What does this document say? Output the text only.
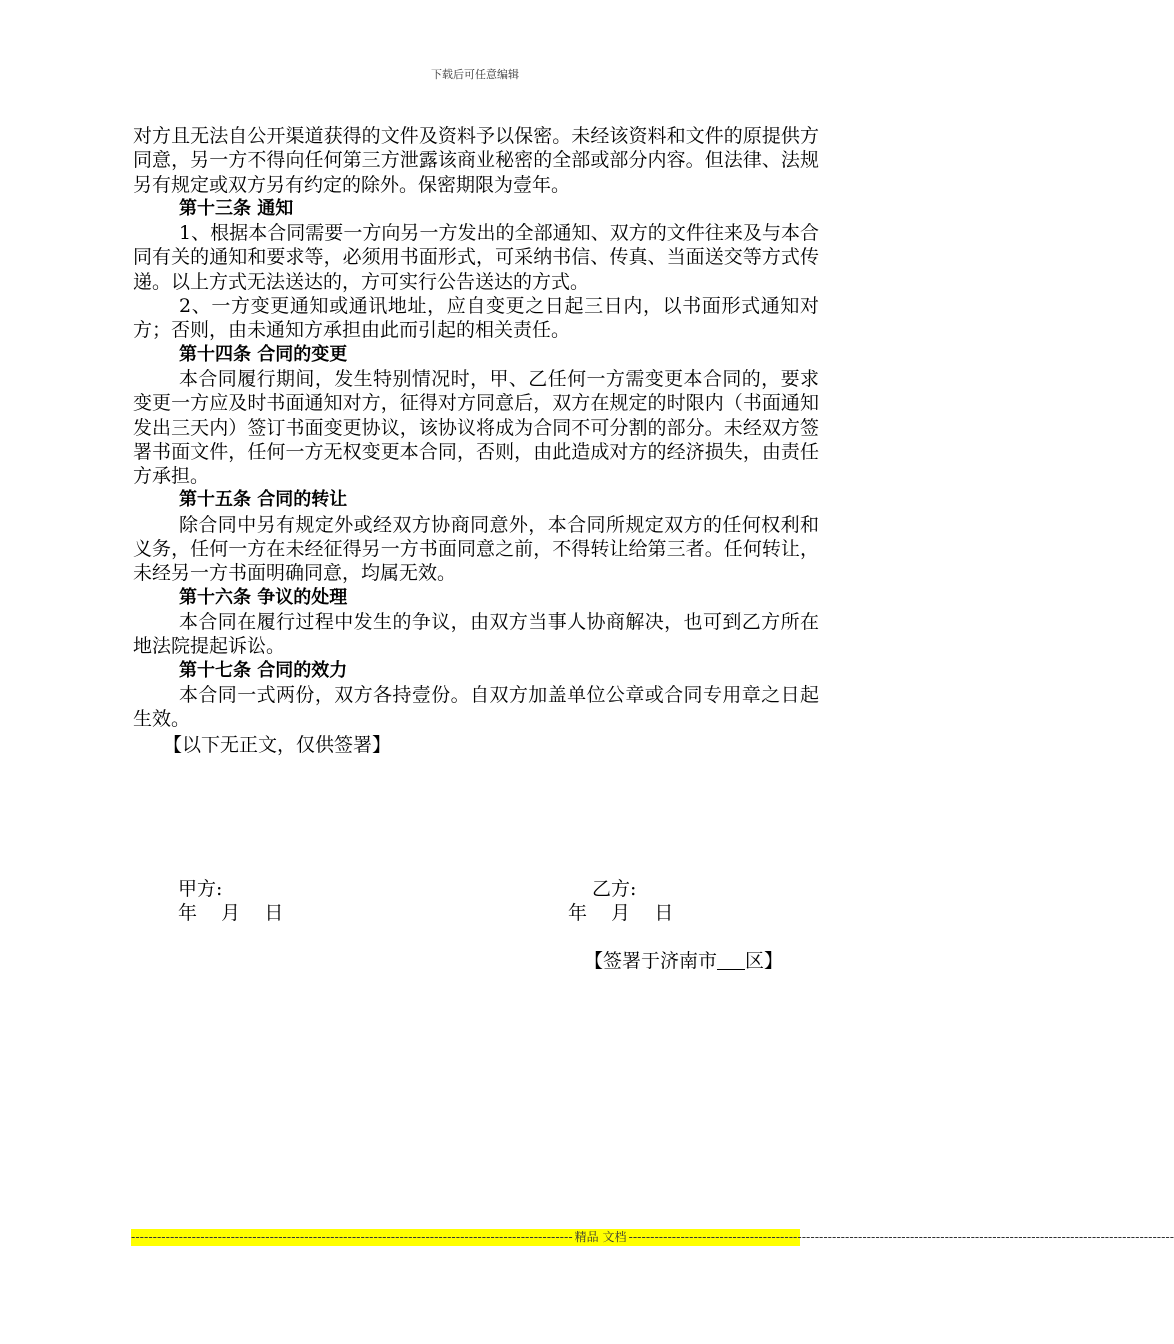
下载后可任意编辑

对方且无法自公开渠道获得的文件及资料予以保密。未经该资料和文件的原提供方同意，另一方不得向任何第三方泄露该商业秘密的全部或部分内容。但法律、法规另有规定或双方另有约定的除外。保密期限为壹年。

第十三条 通知

1、根据本合同需要一方向另一方发出的全部通知、双方的文件往来及与本合同有关的通知和要求等，必须用书面形式，可采纳书信、传真、当面送交等方式传递。以上方式无法送达的，方可实行公告送达的方式。

2、一方变更通知或通讯地址，应自变更之日起三日内，以书面形式通知对方；否则，由未通知方承担由此而引起的相关责任。

第十四条 合同的变更

本合同履行期间，发生特别情况时，甲、乙任何一方需变更本合同的，要求变更一方应及时书面通知对方，征得对方同意后，双方在规定的时限内（书面通知发出三天内）签订书面变更协议，该协议将成为合同不可分割的部分。未经双方签署书面文件，任何一方无权变更本合同，否则，由此造成对方的经济损失，由责任方承担。

第十五条 合同的转让

除合同中另有规定外或经双方协商同意外，本合同所规定双方的任何权利和义务，任何一方在未经征得另一方书面同意之前，不得转让给第三者。任何转让，未经另一方书面明确同意，均属无效。

第十六条 争议的处理

本合同在履行过程中发生的争议，由双方当事人协商解决，也可到乙方所在地法院提起诉讼。

第十七条 合同的效力

本合同一式两份，双方各持壹份。自双方加盖单位公章或合同专用章之日起生效。

【以下无正文，仅供签署】

甲方:	乙方:
年    月    日	年    月    日
【签署于济南市 区】
------------------------------------------------------------------------------------------------------ 精品 文档 ------------------------------------------------------------------------------------------------------------------------------
